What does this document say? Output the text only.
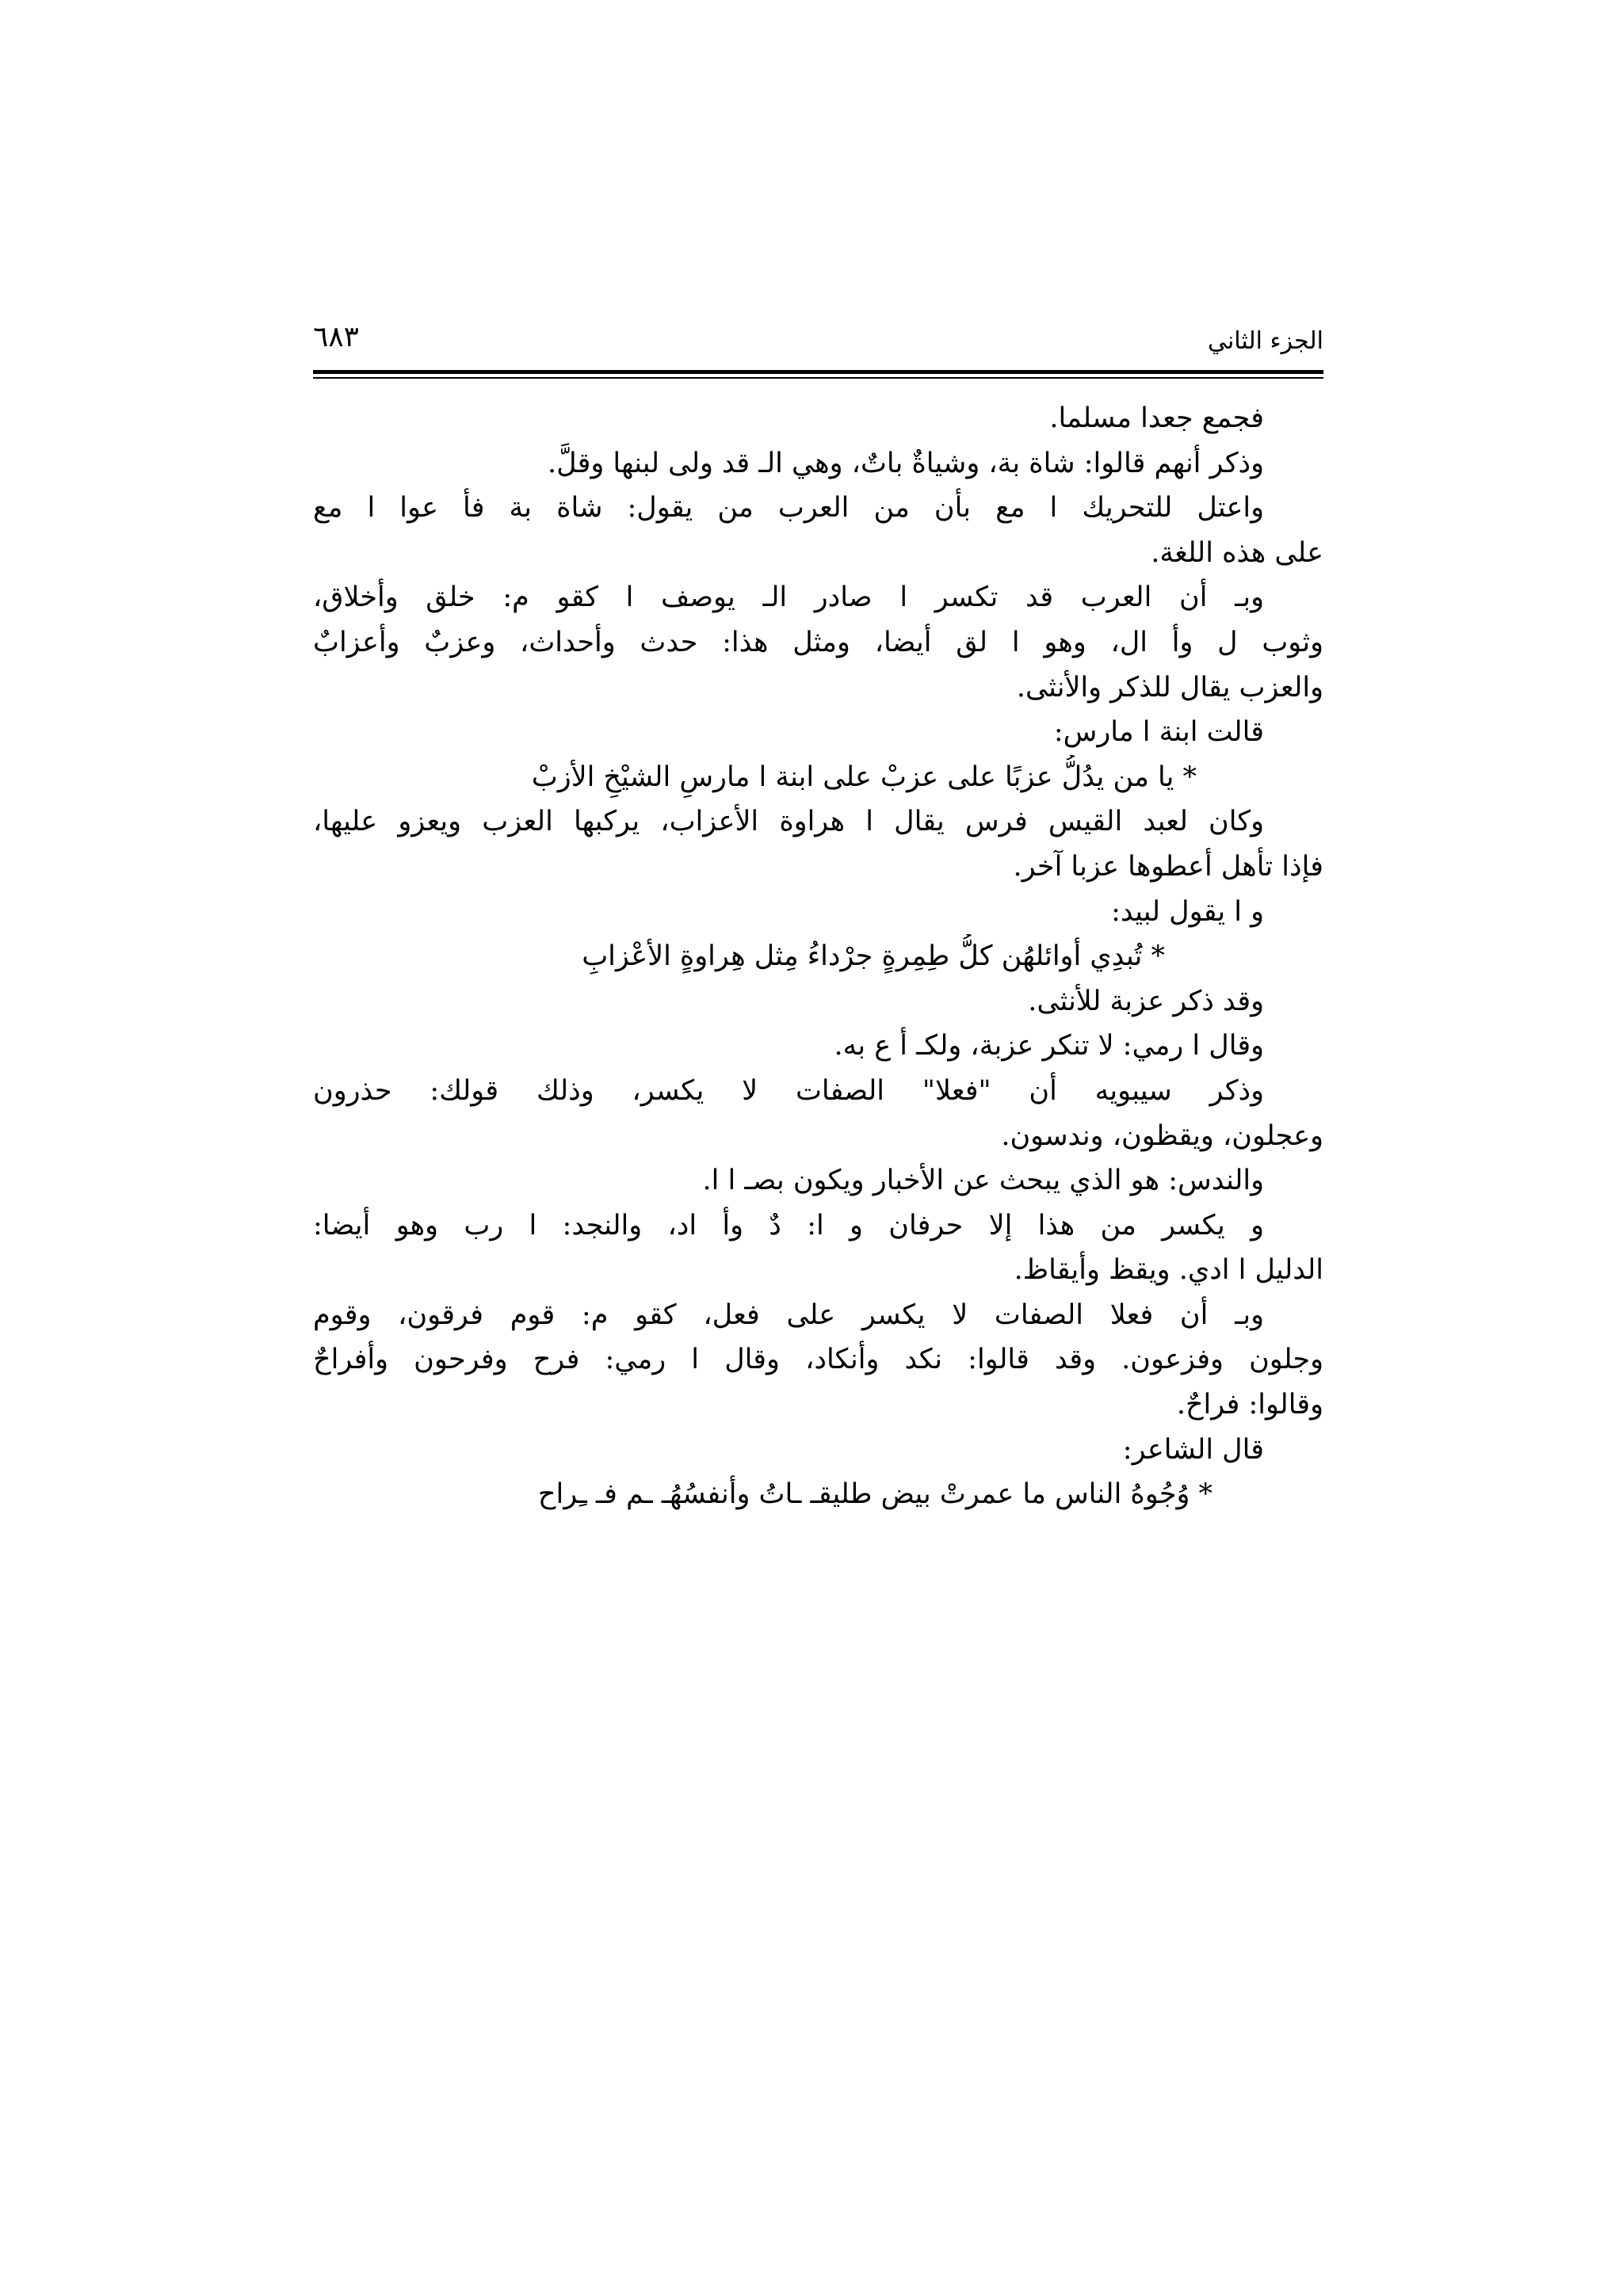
الجزء الثاني
٦٨٣
فجمع جعدا مسلما.
وذكر أنهم قالوا: شاة بة، وشياةٌ باتٌ، وهي الـ قد ولى لبنها وقلَّ.
واعتل للتحريك ا مع بأن من العرب من يقول: شاة بة فأ عوا ا مع
على هذه اللغة.
وبـ أن العرب قد تكسر ا صادر الـ يوصف ا كقو م: خلق وأخلاق،
وثوب ل وأ ال، وهو ا لق أيضا، ومثل هذا: حدث وأحداث، وعزبٌ وأعزابٌ
والعزب يقال للذكر والأنثى.
قالت ابنة ا مارس:
* يا من يدُلُّ عزبًا على عزبْ على ابنة ا مارسِ الشيْخِ الأزبْ
وكان لعبد القيس فرس يقال ا هراوة الأعزاب، يركبها العزب ويعزو عليها،
فإذا تأهل أعطوها عزبا آخر.
و ا يقول لبيد:
* تُبدِي أوائلهُن كلُّ طِمِرةٍ جرْداءُ مِثل هِراوةٍ الأعْزابِ
وقد ذكر عزبة للأنثى.
وقال ا رمي: لا تنكر عزبة، ولكـ أ ع به.
وذكر سيبويه أن "فعلا" الصفات لا يكسر، وذلك قولك: حذرون
وعجلون، ويقظون، وندسون.
والندس: هو الذي يبحث عن الأخبار ويكون بصـ ا ا.
و يكسر من هذا إلا حرفان و ا: دٌ وأ اد، والنجد: ا رب وهو أيضا:
الدليل ا ادي. ويقظ وأيقاظ.
وبـ أن فعلا الصفات لا يكسر على فعل، كقو م: قوم فرقون، وقوم
وجلون وفزعون. وقد قالوا: نكد وأنكاد، وقال ا رمي: فرح وفرحون وأفراحٌ
وقالوا: فراحٌ.
قال الشاعر:
* وُجُوهُ الناس ما عمرتْ بيض طليقـ ـاتُ وأنفسُهُـ ـم فـ ـِراح
